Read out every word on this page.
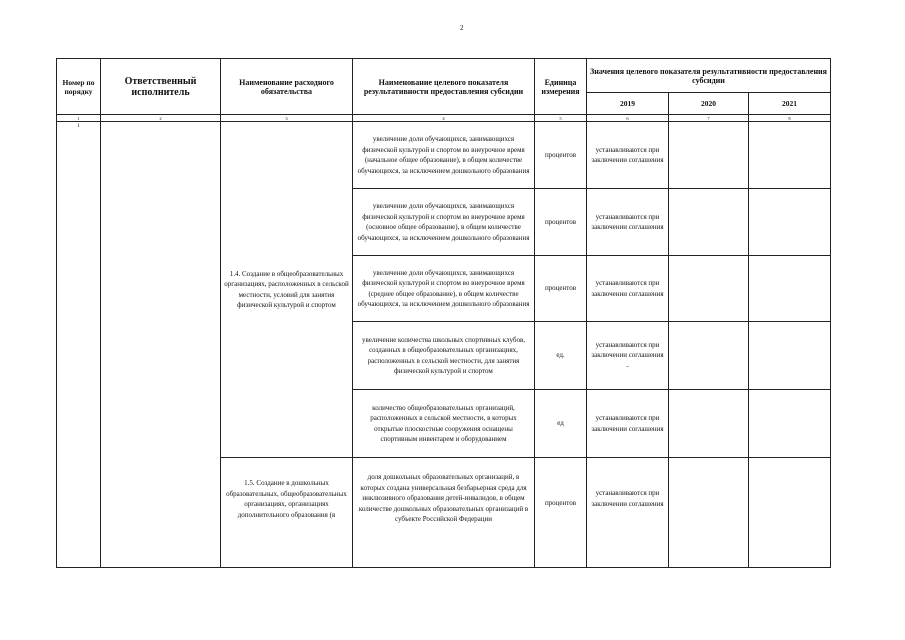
2
Номер по порядку	Ответственный исполнитель	Наименование расходного обязательства	Наименование целевого показателя результативности предоставления субсидии	Единица измерения	Значения целевого показателя результативности предоставления субсидии		
					2019	2020	2021
1	2	3	4	5	6	7	8
1		1.4. Создание в общеобразовательных организациях, расположенных в сельской местности, условий для занятия физической культурой и спортом	увеличение доли обучающихся, занимающихся физической культурой и спортом во внеурочное время (начальное общее образование), в общем количестве обучающихся, за исключением дошкольного образования	процентов	устанавливаются при заключении соглашения		
			увеличение доли обучающихся, занимающихся физической культурой и спортом во внеурочное время (основное общее образование), в общем количестве обучающихся, за исключением дошкольного образования	процентов	устанавливаются при заключении соглашения		
			увеличение доли обучающихся, занимающихся физической культурой и спортом во внеурочное время (среднее общее образование), в общем количестве обучающихся, за исключением дошкольного образования	процентов	устанавливаются при заключении соглашения		
			увеличение количества школьных спортивных клубов, созданных в общеобразовательных организациях, расположенных в сельской местности, для занятия физической культурой и спортом	ед.	устанавливаются при заключении соглашения
-		

			количество общеобразовательных организаций, расположенных в сельской местности, в которых открытые плоскостные сооружения оснащены спортивным инвентарем и оборудованием	ед	устанавливаются при заключении соглашения		
		1.5. Создание в дошкольных образовательных, общеобразовательных организациях, организациях дополнительного образования (в	доля дошкольных образовательных организаций, в которых создана универсальная безбарьерная среда для инклюзивного образования детей-инвалидов, в общем количестве дошкольных образовательных организаций в субъекте Российской Федерации	процентов	устанавливаются при заключении соглашения		
